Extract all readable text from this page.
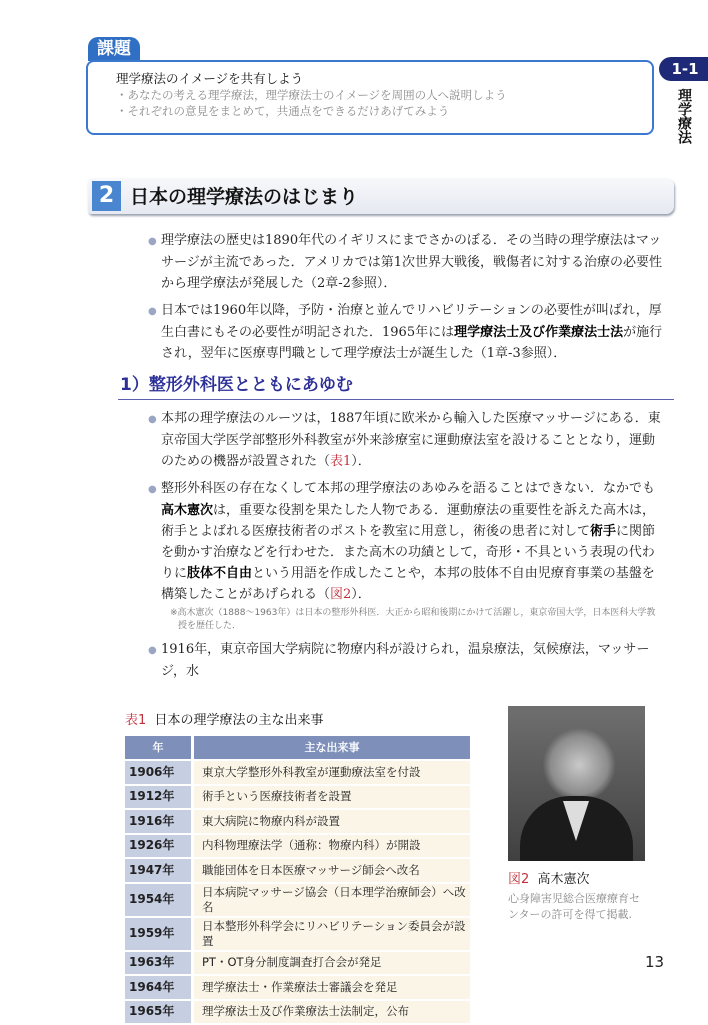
課題
理学療法のイメージを共有しよう
・あなたの考える理学療法，理学療法士のイメージを周囲の人へ説明しよう
・それぞれの意見をまとめて，共通点をできるだけあげてみよう
1-1
理学療法
2 日本の理学療法のはじまり
● 理学療法の歴史は1890年代のイギリスにまでさかのぼる．その当時の理学療法はマッサージが主流であった．アメリカでは第1次世界大戦後，戦傷者に対する治療の必要性から理学療法が発展した（2章-2参照）．
● 日本では1960年以降，予防・治療と並んでリハビリテーションの必要性が叫ばれ，厚生白書にもその必要性が明記された．1965年には理学療法士及び作業療法士法が施行され，翌年に医療専門職として理学療法士が誕生した（1章-3参照）．
1）整形外科医とともにあゆむ
● 本邦の理学療法のルーツは，1887年頃に欧米から輸入した医療マッサージにある．東京帝国大学医学部整形外科教室が外来診療室に運動療法室を設けることとなり，運動のための機器が設置された（表1）．
● 整形外科医の存在なくして本邦の理学療法のあゆみを語ることはできない．なかでも高木憲次は，重要な役割を果たした人物である．運動療法の重要性を訴えた高木は，術手とよばれる医療技術者のポストを教室に用意し，術後の患者に対して術手に関節を動かす治療などを行わせた．また高木の功績として，奇形・不具という表現の代わりに肢体不自由という用語を作成したことや，本邦の肢体不自由児療育事業の基盤を構築したことがあげられる（図2）．
※高木憲次（1888～1963年）は日本の整形外科医．大正から昭和後期にかけて活躍し，東京帝国大学，日本医科大学教授を歴任した．
● 1916年，東京帝国大学病院に物療内科が設けられ，温泉療法，気候療法，マッサージ，水
表1 日本の理学療法の主な出来事
年	主な出来事
1906年	東京大学整形外科教室が運動療法室を付設
1912年	術手という医療技術者を設置
1916年	東大病院に物療内科が設置
1926年	内科物理療法学（通称：物療内科）が開設
1947年	職能団体を日本医療マッサージ師会へ改名
1954年	日本病院マッサージ協会（日本理学治療師会）へ改名
1959年	日本整形外科学会にリハビリテーション委員会が設置
1963年	PT・OT身分制度調査打合会が発足
1964年	理学療法士・作業療法士審議会を発足
1965年	理学療法士及び作業療法士法制定，公布
図2 高木憲次
心身障害児総合医療療育センターの許可を得て掲載.
13
